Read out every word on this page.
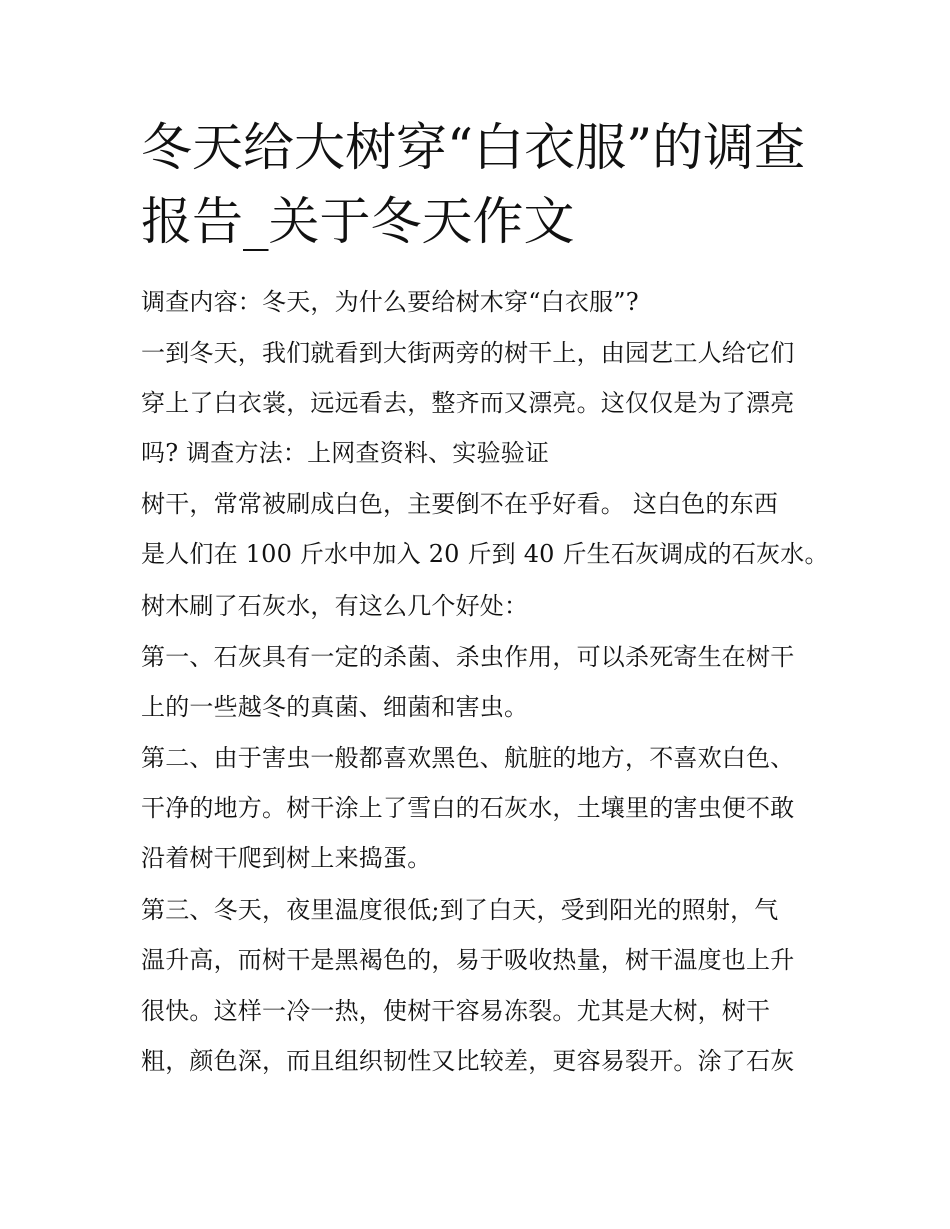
冬天给大树穿“白衣服”的调查报告_关于冬天作文

调查内容：冬天，为什么要给树木穿“白衣服”?

一到冬天，我们就看到大街两旁的树干上，由园艺工人给它们

穿上了白衣裳，远远看去，整齐而又漂亮。这仅仅是为了漂亮

吗? 调查方法：上网查资料、实验验证

树干，常常被刷成白色，主要倒不在乎好看。 这白色的东西

是人们在 100 斤水中加入 20 斤到 40 斤生石灰调成的石灰水。

树木刷了石灰水，有这么几个好处：

第一、石灰具有一定的杀菌、杀虫作用，可以杀死寄生在树干

上的一些越冬的真菌、细菌和害虫。

第二、由于害虫一般都喜欢黑色、航脏的地方，不喜欢白色、

干净的地方。树干涂上了雪白的石灰水，土壤里的害虫便不敢

沿着树干爬到树上来捣蛋。

第三、冬天，夜里温度很低;到了白天，受到阳光的照射，气

温升高，而树干是黑褐色的，易于吸收热量，树干温度也上升

很快。这样一冷一热，使树干容易冻裂。尤其是大树，树干

粗，颜色深，而且组织韧性又比较差，更容易裂开。涂了石灰
